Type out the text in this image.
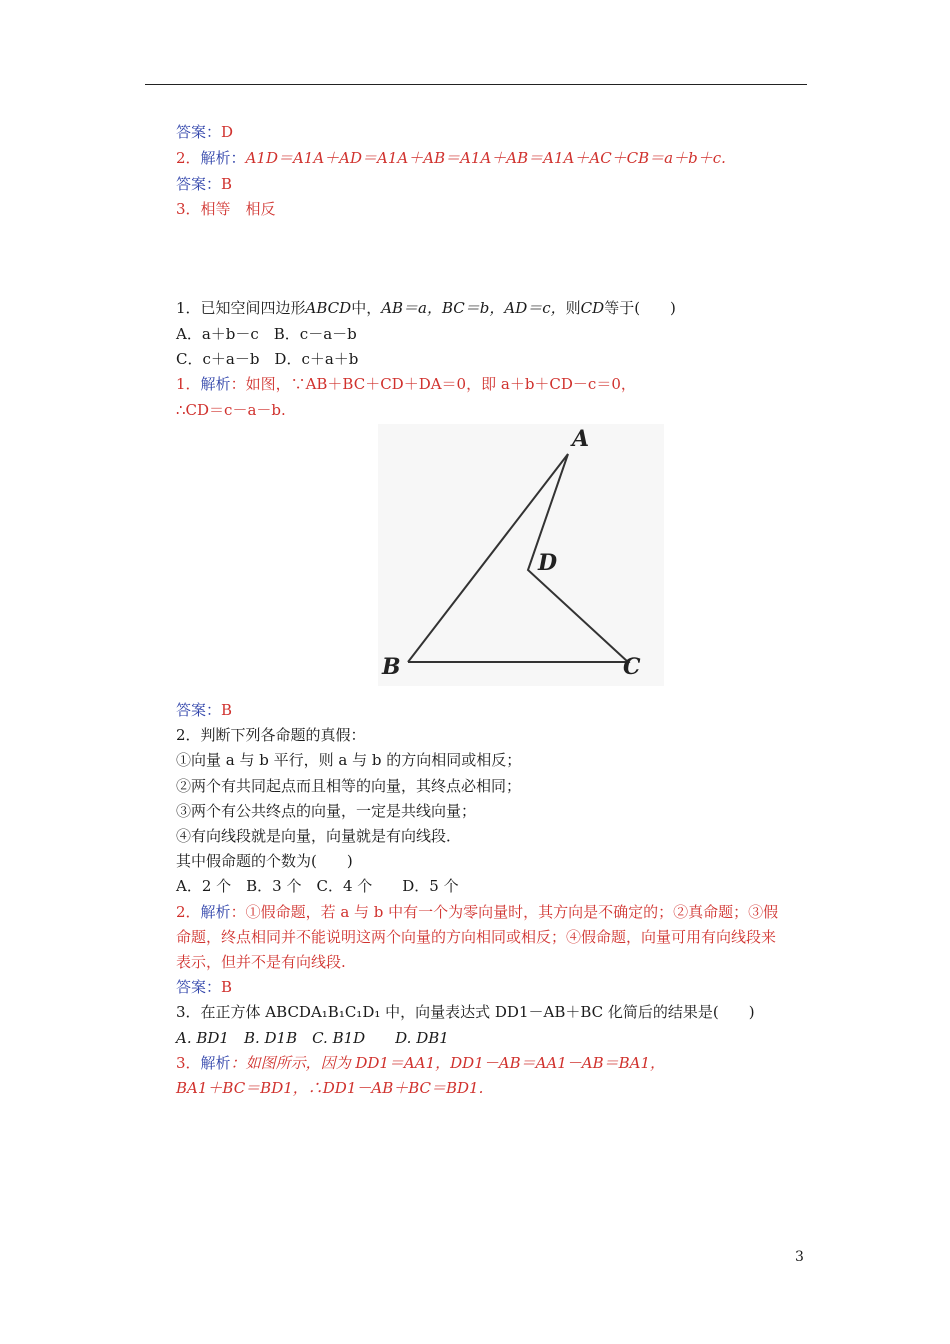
答案：D
2．解析：A1D＝A1A＋AD＝A1A＋AB＝A1A＋AB＝A1A＋AC＋CB＝a＋b＋c.
答案：B
3．相等　相反
1．已知空间四边形ABCD中，AB＝a，BC＝b，AD＝c，则CD等于(　　)
A．a＋b－c　B．c－a－b
C．c＋a－b　D．c＋a＋b
1．解析：如图，∵AB＋BC＋CD＋DA＝0，即 a＋b＋CD－c＝0，
∴CD＝c－a－b.
A
B	C
D
答案：B
2．判断下列各命题的真假：
①向量 a 与 b 平行，则 a 与 b 的方向相同或相反；
②两个有共同起点而且相等的向量，其终点必相同；
③两个有公共终点的向量，一定是共线向量；
④有向线段就是向量，向量就是有向线段．
其中假命题的个数为(　　)
A．2 个　B．3 个　C．4 个　　D．5 个
2．解析：①假命题，若 a 与 b 中有一个为零向量时，其方向是不确定的；②真命题；③假
命题，终点相同并不能说明这两个向量的方向相同或相反；④假命题，向量可用有向线段来
表示，但并不是有向线段.
答案：B
3．在正方体 ABCDA₁B₁C₁D₁ 中，向量表达式 DD1－AB＋BC 化简后的结果是(　　)
A. BD1　B. D1B　C. B1D　　D. DB1
3．解析：如图所示，因为 DD1＝AA1，DD1－AB＝AA1－AB＝BA1，
BA1＋BC＝BD1，∴DD1－AB＋BC＝BD1.
3
